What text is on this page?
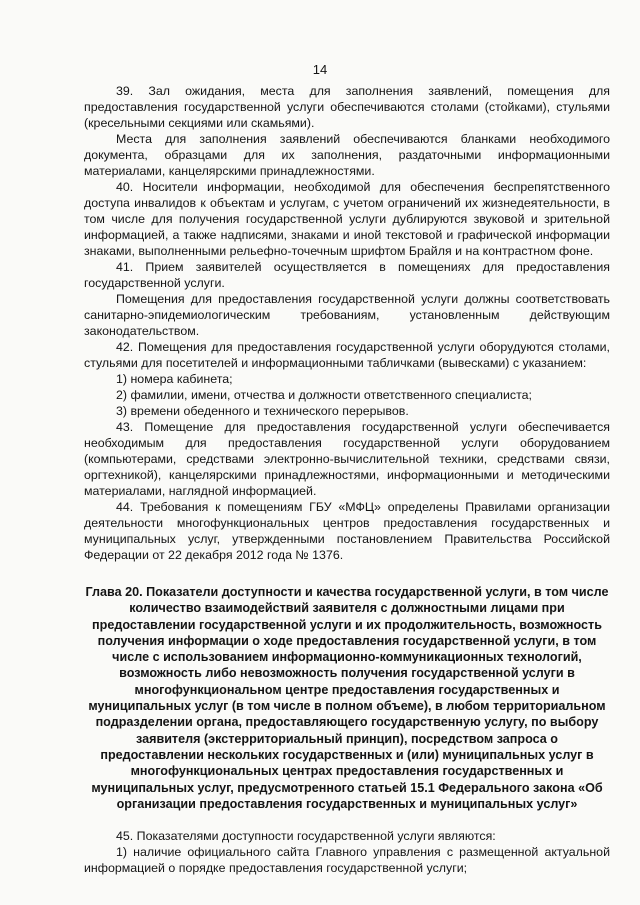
14

39. Зал ожидания, места для заполнения заявлений, помещения для предоставления государственной услуги обеспечиваются столами (стойками), стульями (кресельными секциями или скамьями).

Места для заполнения заявлений обеспечиваются бланками необходимого документа, образцами для их заполнения, раздаточными информационными материалами, канцелярскими принадлежностями.

40. Носители информации, необходимой для обеспечения беспрепятственного доступа инвалидов к объектам и услугам, с учетом ограничений их жизнедеятельности, в том числе для получения государственной услуги дублируются звуковой и зрительной информацией, а также надписями, знаками и иной текстовой и графической информации знаками, выполненными рельефно-точечным шрифтом Брайля и на контрастном фоне.

41. Прием заявителей осуществляется в помещениях для предоставления государственной услуги.

Помещения для предоставления государственной услуги должны соответствовать санитарно-эпидемиологическим требованиям, установленным действующим законодательством.

42. Помещения для предоставления государственной услуги оборудуются столами, стульями для посетителей и информационными табличками (вывесками) с указанием:

1) номера кабинета;

2) фамилии, имени, отчества и должности ответственного специалиста;

3) времени обеденного и технического перерывов.

43. Помещение для предоставления государственной услуги обеспечивается необходимым для предоставления государственной услуги оборудованием (компьютерами, средствами электронно-вычислительной техники, средствами связи, оргтехникой), канцелярскими принадлежностями, информационными и методическими материалами, наглядной информацией.

44. Требования к помещениям ГБУ «МФЦ» определены Правилами организации деятельности многофункциональных центров предоставления государственных и муниципальных услуг, утвержденными постановлением Правительства Российской Федерации от 22 декабря 2012 года № 1376.

Глава 20. Показатели доступности и качества государственной услуги, в том числе количество взаимодействий заявителя с должностными лицами при предоставлении государственной услуги и их продолжительность, возможность получения информации о ходе предоставления государственной услуги, в том числе с использованием информационно-коммуникационных технологий, возможность либо невозможность получения государственной услуги в многофункциональном центре предоставления государственных и муниципальных услуг (в том числе в полном объеме), в любом территориальном подразделении органа, предоставляющего государственную услугу, по выбору заявителя (экстерриториальный принцип), посредством запроса о предоставлении нескольких государственных и (или) муниципальных услуг в многофункциональных центрах предоставления государственных и муниципальных услуг, предусмотренного статьей 15.1 Федерального закона «Об организации предоставления государственных и муниципальных услуг»

45. Показателями доступности государственной услуги являются:

1) наличие официального сайта Главного управления с размещенной актуальной информацией о порядке предоставления государственной услуги;
